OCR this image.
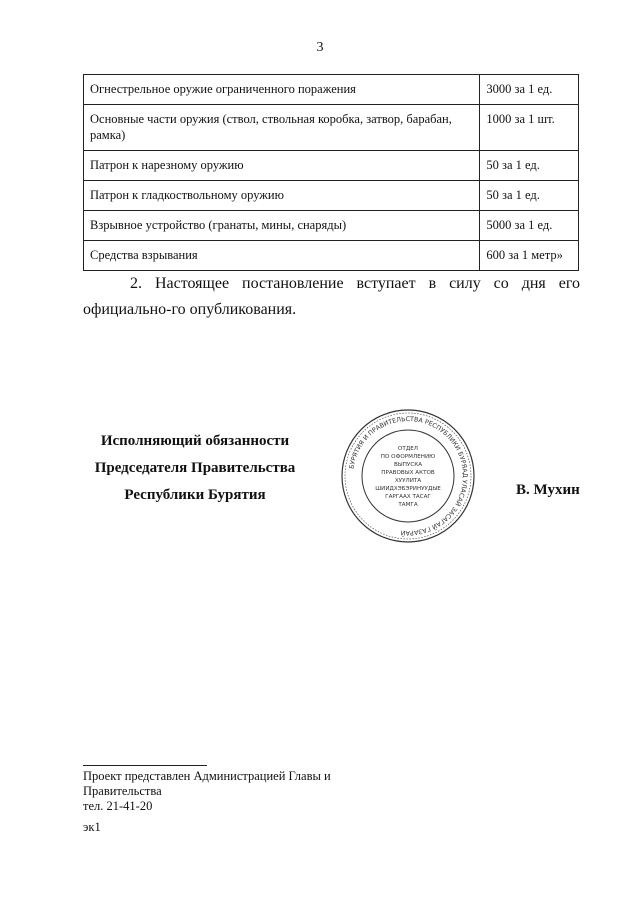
3
Огнестрельное оружие ограниченного поражения	3000 за 1 ед.
Основные части оружия (ствол, ствольная коробка, затвор, барабан, рамка)	1000 за 1 шт.
Патрон к нарезному оружию	50 за 1 ед.
Патрон к гладкоствольному оружию	50 за 1 ед.
Взрывное устройство (гранаты, мины, снаряды)	5000 за 1 ед.
Средства взрывания	600 за 1 метр»
2. Настоящее постановление вступает в силу со дня его официально-го опубликования.
Исполняющий обязанности
Председателя Правительства
Республики Бурятия
БУРЯТИЯ И ПРАВИТЕЛЬСТВА РЕСПУБЛИКИ БУРЯАД УЛАСАЙ ЗАСАГАЙ ГАЗАРАЙ
ОТДЕЛ
ПО ОФОРМЛЕНИЮ
ВЫПУСКА
ПРАВОВЫХ АКТОВ
ХУУЛИТА
ШИИДХЭБЭРИНУУДЫЕ
ГАРГААХ ТАСАГ
ТАМГА
В. Мухин
Проект представлен Администрацией Главы и
Правительства
тел. 21-41-20
эк1
